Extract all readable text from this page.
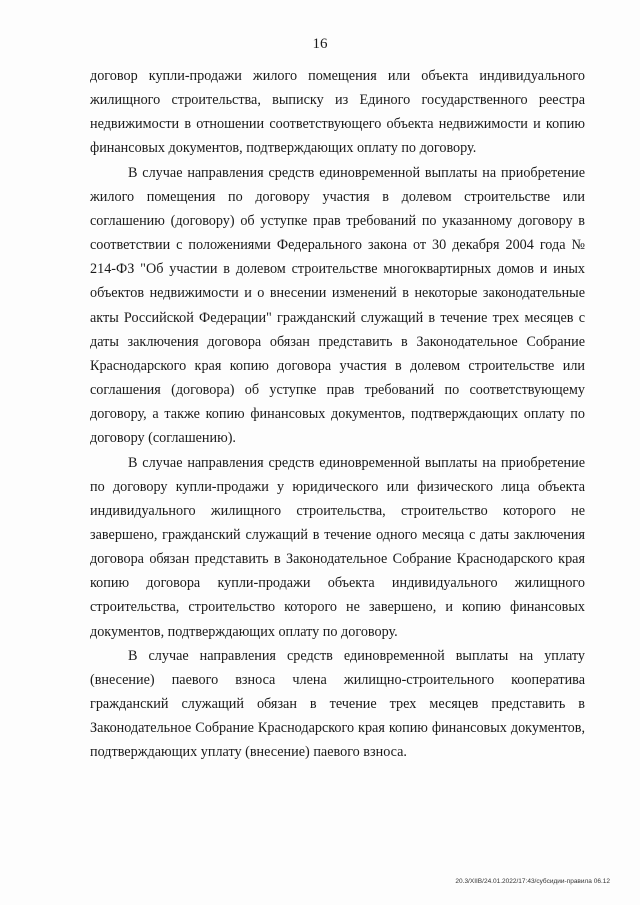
16

договор купли-продажи жилого помещения или объекта индивидуального жилищного строительства, выписку из Единого государственного реестра недвижимости в отношении соответствующего объекта недвижимости и копию финансовых документов, подтверждающих оплату по договору.

В случае направления средств единовременной выплаты на приобретение жилого помещения по договору участия в долевом строительстве или соглашению (договору) об уступке прав требований по указанному договору в соответствии с положениями Федерального закона от 30 декабря 2004 года № 214-ФЗ "Об участии в долевом строительстве многоквартирных домов и иных объектов недвижимости и о внесении изменений в некоторые законодательные акты Российской Федерации" гражданский служащий в течение трех месяцев с даты заключения договора обязан представить в Законодательное Собрание Краснодарского края копию договора участия в долевом строительстве или соглашения (договора) об уступке прав требований по соответствующему договору, а также копию финансовых документов, подтверждающих оплату по договору (соглашению).

В случае направления средств единовременной выплаты на приобретение по договору купли-продажи у юридического или физического лица объекта индивидуального жилищного строительства, строительство которого не завершено, гражданский служащий в течение одного месяца с даты заключения договора обязан представить в Законодательное Собрание Краснодарского края копию договора купли-продажи объекта индивидуального жилищного строительства, строительство которого не завершено, и копию финансовых документов, подтверждающих оплату по договору.

В случае направления средств единовременной выплаты на уплату (внесение) паевого взноса члена жилищно-строительного кооператива гражданский служащий обязан в течение трех месяцев представить в Законодательное Собрание Краснодарского края копию финансовых документов, подтверждающих уплату (внесение) паевого взноса.

20.3/XIIB/24.01.2022/17:43/субсидии-правила 06.12
